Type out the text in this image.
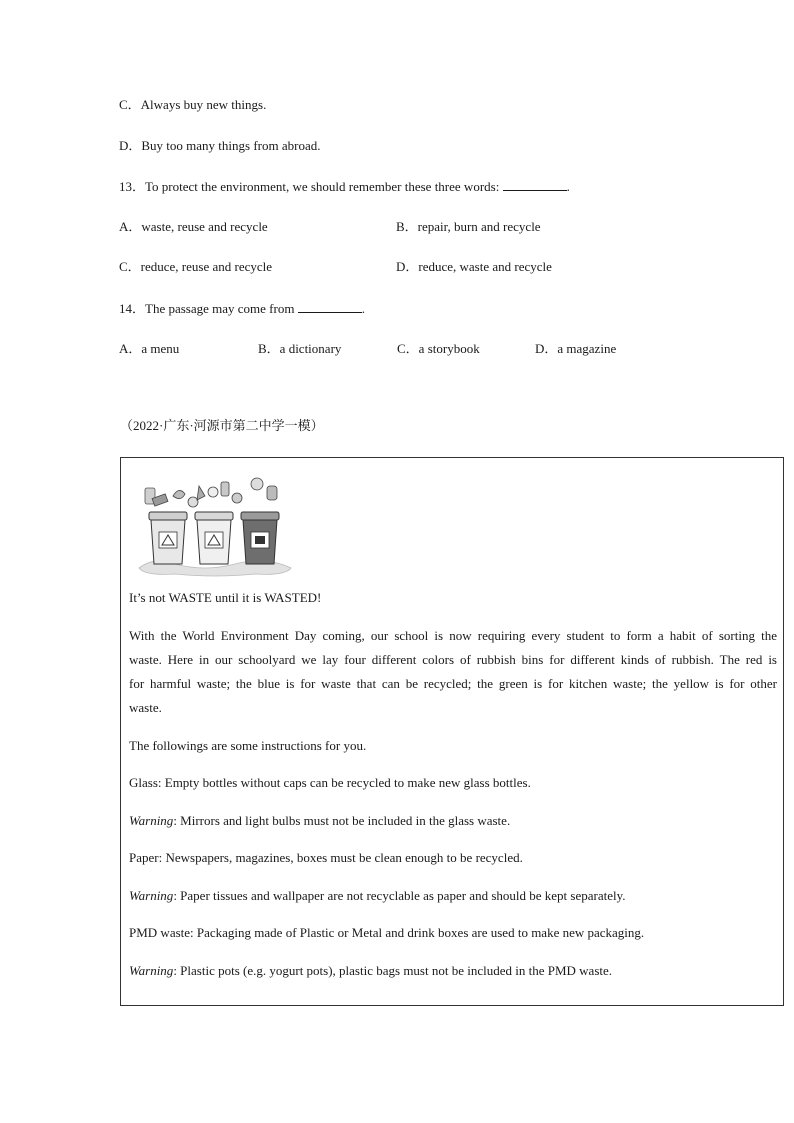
C．Always buy new things.
D．Buy too many things from abroad.
13．To protect the environment, we should remember these three words:	.
A．waste, reuse and recycle	B．repair, burn and recycle
C．reduce, reuse and recycle	D．reduce, waste and recycle
14．The passage may come from	.
A．a menu	B．a dictionary	C．a storybook	D．a magazine
（2022·广东·河源市第二中学一模）
It’s not WASTE until it is WASTED!
With the World Environment Day coming, our school is now requiring every student to form a habit of sorting the
waste. Here in our schoolyard we lay four different colors of rubbish bins for different kinds of rubbish. The red is
for harmful waste; the blue is for waste that can be recycled; the green is for kitchen waste; the yellow is for other
waste.
The followings are some instructions for you.
Glass: Empty bottles without caps can be recycled to make new glass bottles.
Warning: Mirrors and light bulbs must not be included in the glass waste.
Paper: Newspapers, magazines, boxes must be clean enough to be recycled.
Warning: Paper tissues and wallpaper are not recyclable as paper and should be kept separately.
PMD waste: Packaging made of Plastic or Metal and drink boxes are used to make new packaging.
Warning: Plastic pots (e.g. yogurt pots), plastic bags must not be included in the PMD waste.
